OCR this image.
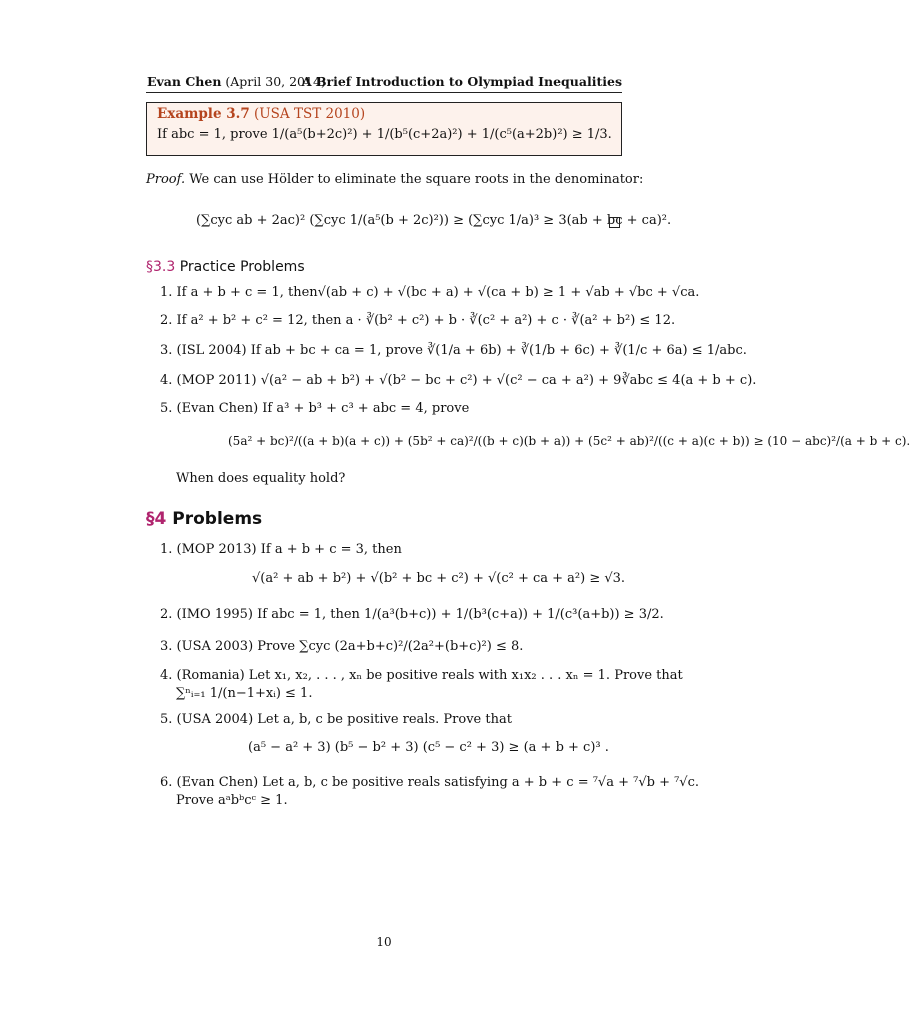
Evan Chen (April 30, 2014)
A Brief Introduction to Olympiad Inequalities
Example 3.7 (USA TST 2010)
If abc = 1, prove 1/(a⁵(b+2c)²) + 1/(b⁵(c+2a)²) + 1/(c⁵(a+2b)²) ≥ 1/3.
Proof. We can use Hölder to eliminate the square roots in the denominator:
(∑cyc ab + 2ac)² (∑cyc 1/(a⁵(b + 2c)²)) ≥ (∑cyc 1/a)³ ≥ 3(ab + bc + ca)².
§3.3 Practice Problems
1. If a + b + c = 1, then√(ab + c) + √(bc + a) + √(ca + b) ≥ 1 + √ab + √bc + √ca.
2. If a² + b² + c² = 12, then a · ∛(b² + c²) + b · ∛(c² + a²) + c · ∛(a² + b²) ≤ 12.
3. (ISL 2004) If ab + bc + ca = 1, prove ∛(1/a + 6b) + ∛(1/b + 6c) + ∛(1/c + 6a) ≤ 1/abc.
4. (MOP 2011) √(a² − ab + b²) + √(b² − bc + c²) + √(c² − ca + a²) + 9∛abc ≤ 4(a + b + c).
5. (Evan Chen) If a³ + b³ + c³ + abc = 4, prove
(5a² + bc)²/((a + b)(a + c)) + (5b² + ca)²/((b + c)(b + a)) + (5c² + ab)²/((c + a)(c + b)) ≥ (10 − abc)²/(a + b + c).
When does equality hold?
§4 Problems
1. (MOP 2013) If a + b + c = 3, then
√(a² + ab + b²) + √(b² + bc + c²) + √(c² + ca + a²) ≥ √3.
2. (IMO 1995) If abc = 1, then 1/(a³(b+c)) + 1/(b³(c+a)) + 1/(c³(a+b)) ≥ 3/2.
3. (USA 2003) Prove ∑cyc (2a+b+c)²/(2a²+(b+c)²) ≤ 8.
4. (Romania) Let x₁, x₂, . . . , xₙ be positive reals with x₁x₂ . . . xₙ = 1. Prove that
∑ⁿᵢ₌₁ 1/(n−1+xᵢ) ≤ 1.
5. (USA 2004) Let a, b, c be positive reals. Prove that
(a⁵ − a² + 3) (b⁵ − b² + 3) (c⁵ − c² + 3) ≥ (a + b + c)³ .
6. (Evan Chen) Let a, b, c be positive reals satisfying a + b + c = ⁷√a + ⁷√b + ⁷√c.
Prove aᵃbᵇcᶜ ≥ 1.
10
